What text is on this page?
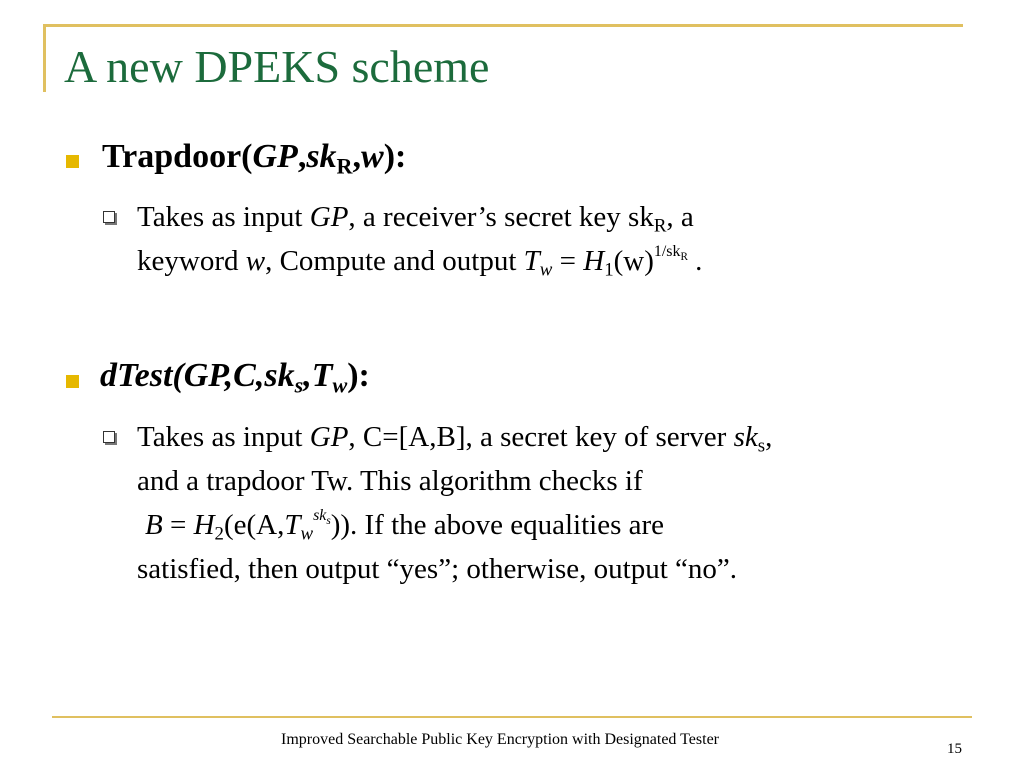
A new DPEKS scheme
$Trapdoor(GP,sk_R,w)$:
Takes as input GP, a receiver’s secret key $sk_R$, a
keyword w, Compute and output $T_w = H_1(w)^{1/sk_R}$ .
$dTest(GP,C,sk_s,T_w)$:
Takes as input GP, C=[A,B], a secret key of server $sk_s$,
and a trapdoor Tw. This algorithm checks if
$B = H_2(e(A,T_w^{sk_s}))$. If the above equalities are
satisfied, then output “yes”; otherwise, output “no”.
Improved Searchable Public Key Encryption with Designated Tester
15
